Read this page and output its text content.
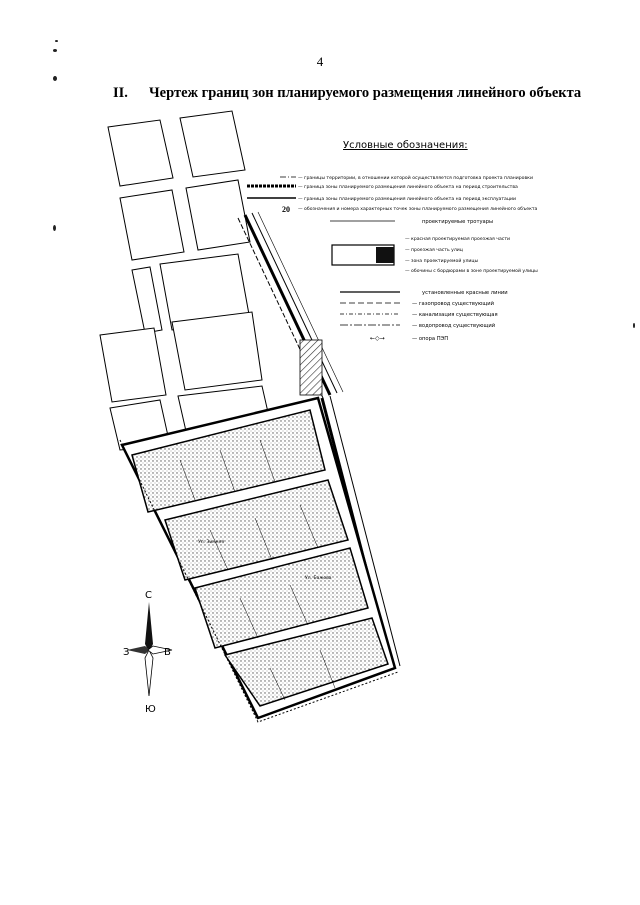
4
II. Чертеж границ зон планируемого размещения линейного объекта
Условные обозначения:
— границы территории, в отношении которой осуществляется подготовка проекта планировки
— граница зоны планируемого размещения линейного объекта на период строительства
— граница зоны планируемого размещения линейного объекта на период эксплуатации
20 — обозначения и номера характерных точек зоны планируемого размещения линейного объекта
проектируемые тротуары
— красная проектируемая проезжая части
— проезжая часть улиц
— зона проектируемой улицы
— обочины с бордюрами в зоне проектируемой улицы
установленные красные линии
— газопровод существующий
— канализация существующая
— водопровод существующий
←◇→	— опора ПЭП
Ул. Зимняя
Ул. Бажова
С
Ю
З	В
